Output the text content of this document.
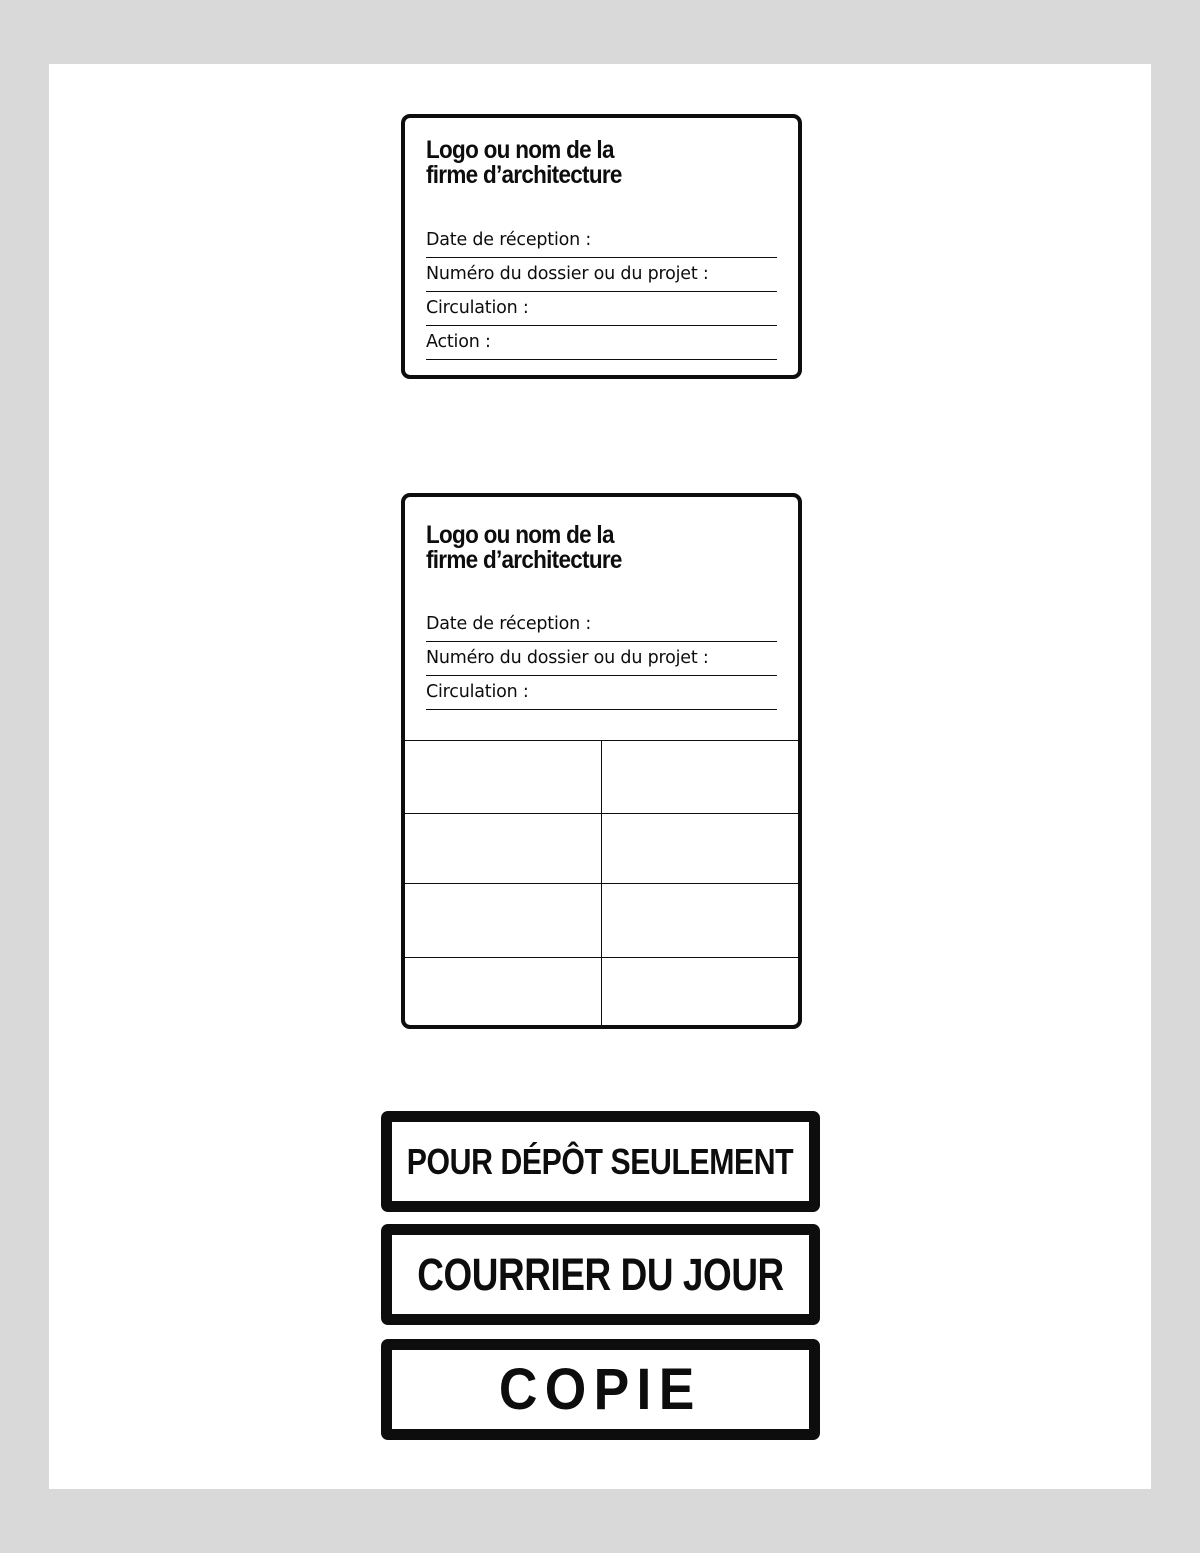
Logo ou nom de la
firme d’architecture
Date de réception :
Numéro du dossier ou du projet :
Circulation :
Action :
Logo ou nom de la
firme d’architecture
Date de réception :
Numéro du dossier ou du projet :
Circulation :
POUR DÉPÔT SEULEMENT
COURRIER DU JOUR
COPIE
